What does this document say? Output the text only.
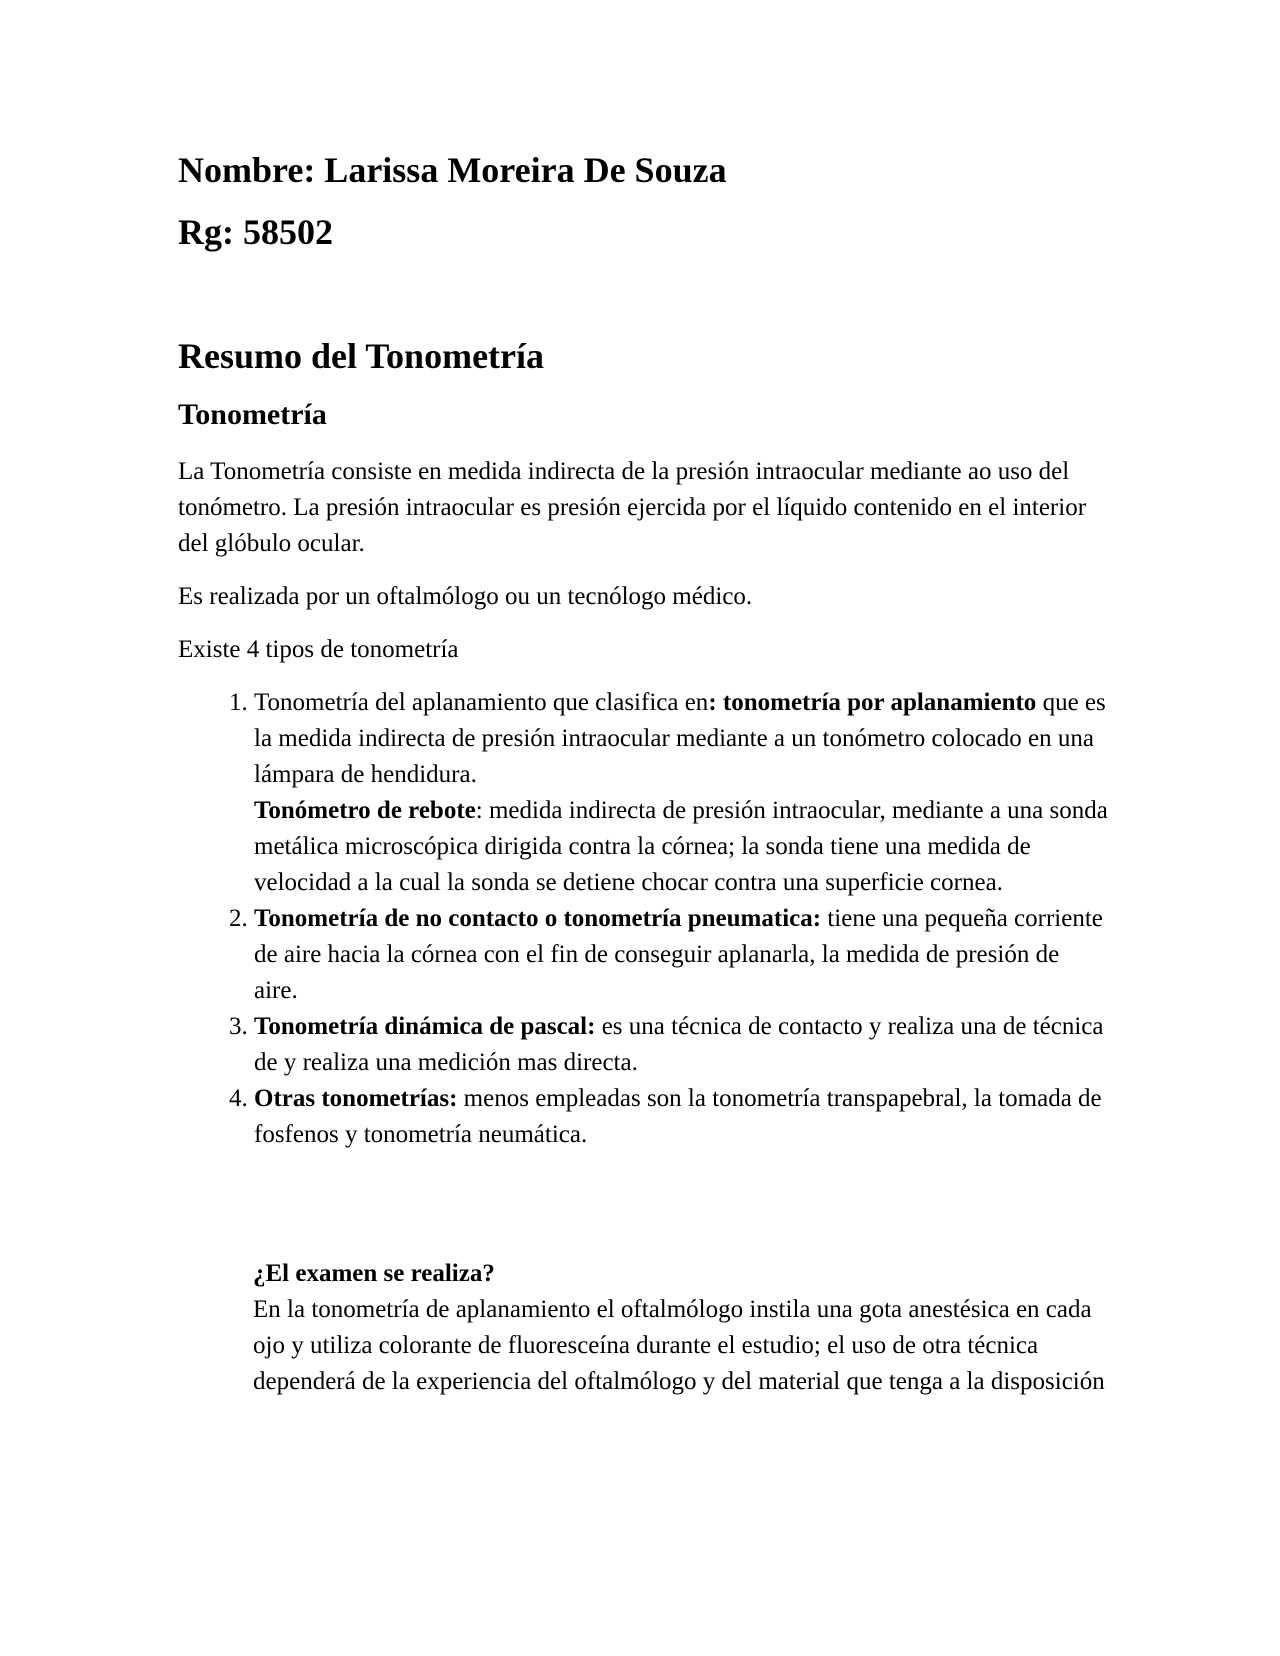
Nombre: Larissa Moreira De Souza

Rg: 58502

Resumo del Tonometría
Tonometría

La Tonometría consiste en medida indirecta de la presión intraocular mediante ao uso del tonómetro. La presión intraocular es presión ejercida por el líquido contenido en el interior del glóbulo ocular.

Es realizada por un oftalmólogo ou un tecnólogo médico.

Existe 4 tipos de tonometría

1. Tonometría del aplanamiento que clasifica en: tonometría por aplanamiento que es la medida indirecta de presión intraocular mediante a un tonómetro colocado en una lámpara de hendidura.
Tonómetro de rebote: medida indirecta de presión intraocular, mediante a una sonda metálica microscópica dirigida contra la córnea; la sonda tiene una medida de velocidad a la cual la sonda se detiene chocar contra una superficie cornea.
2. Tonometría de no contacto o tonometría pneumatica: tiene una pequeña corriente de aire hacia la córnea con el fin de conseguir aplanarla, la medida de presión de aire.
3. Tonometría dinámica de pascal: es una técnica de contacto y realiza una de técnica de y realiza una medición mas directa.
4. Otras tonometrías: menos empleadas son la tonometría transpapebral, la tomada de fosfenos y tonometría neumática.
¿El examen se realiza?
En la tonometría de aplanamiento el oftalmólogo instila una gota anestésica en cada ojo y utiliza colorante de fluoresceína durante el estudio; el uso de otra técnica dependerá de la experiencia del oftalmólogo y del material que tenga a la disposición
